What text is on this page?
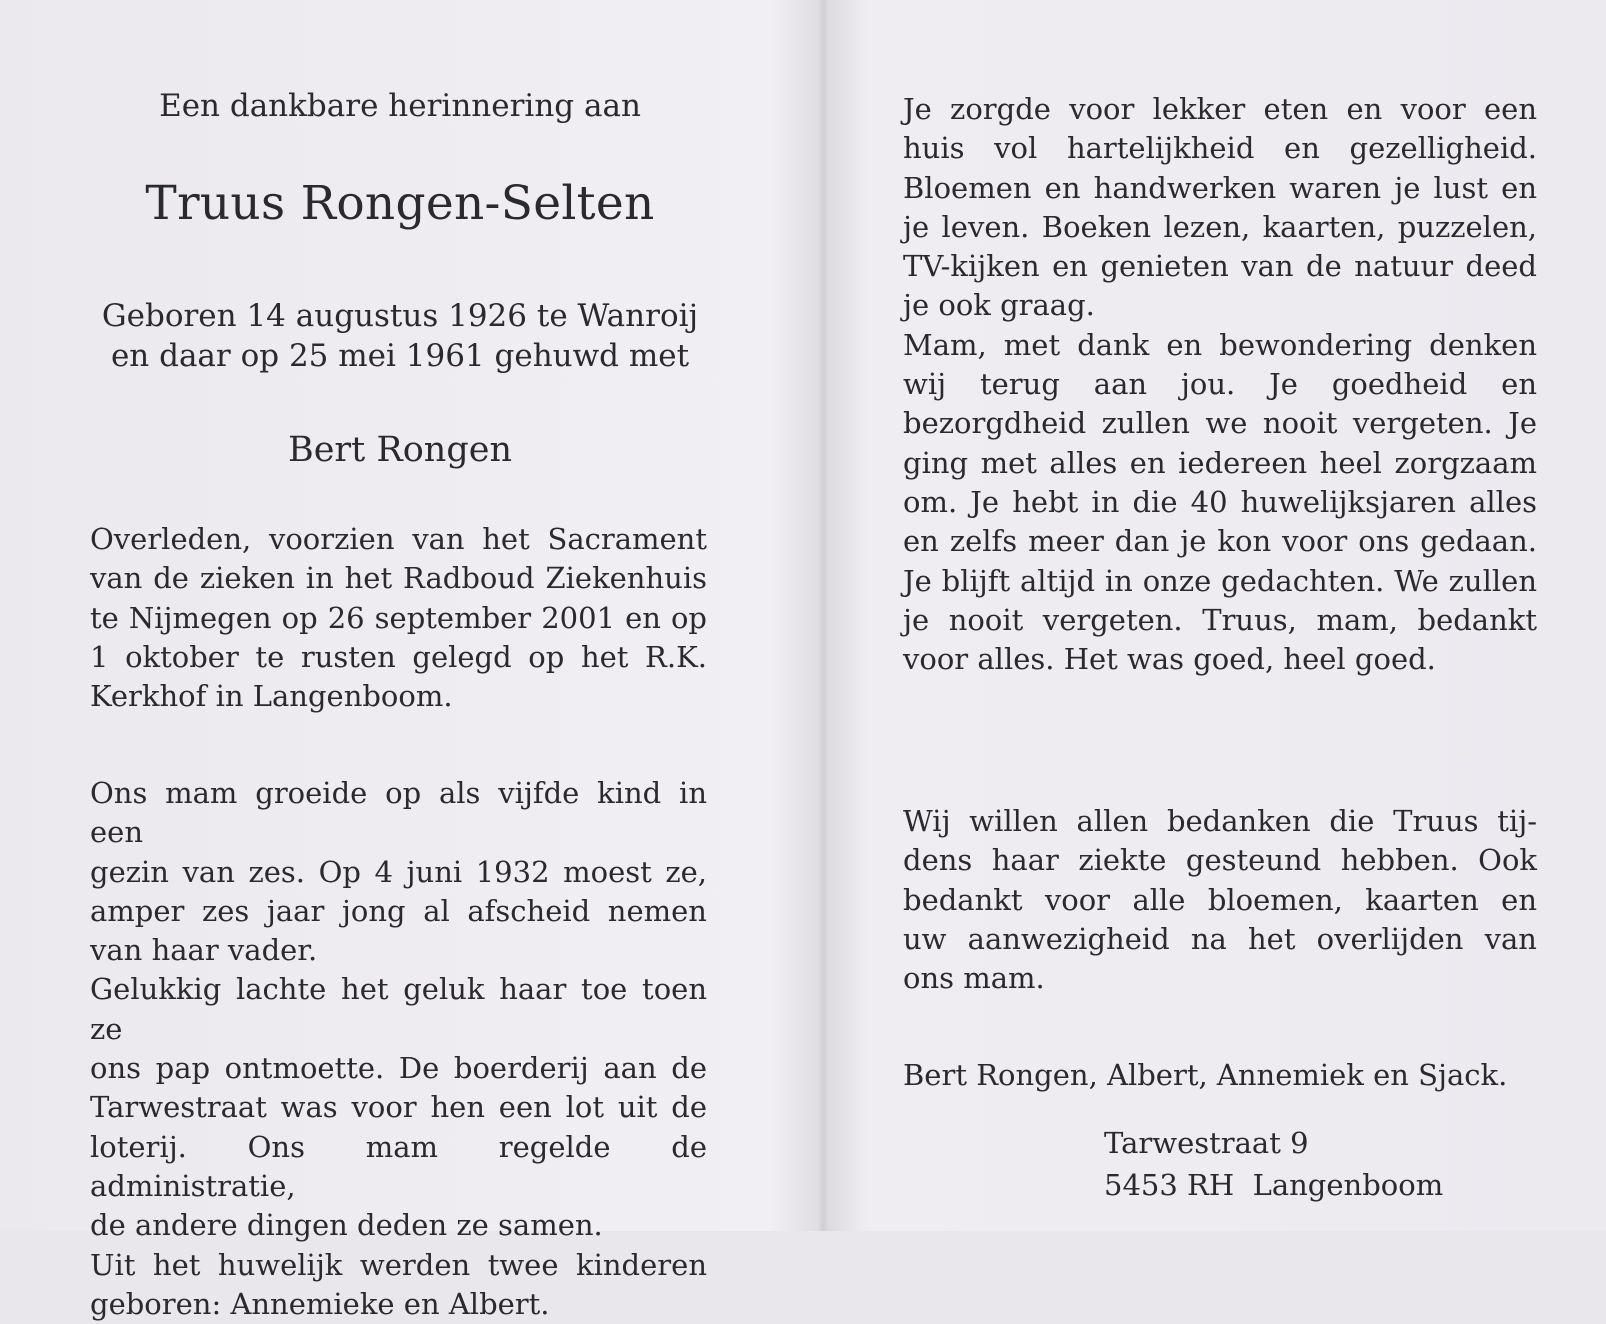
Een dankbare herinnering aan
Truus Rongen-Selten
Geboren 14 augustus 1926 te Wanroij
en daar op 25 mei 1961 gehuwd met
Bert Rongen
Overleden, voorzien van het Sacrament
van de zieken in het Radboud Ziekenhuis
te Nijmegen op 26 september 2001 en op
1 oktober te rusten gelegd op het R.K.
Kerkhof in Langenboom.
Ons mam groeide op als vijfde kind in een
gezin van zes. Op 4 juni 1932 moest ze,
amper zes jaar jong al afscheid nemen
van haar vader.
Gelukkig lachte het geluk haar toe toen ze
ons pap ontmoette. De boerderij aan de
Tarwestraat was voor hen een lot uit de
loterij. Ons mam regelde de administratie,
de andere dingen deden ze samen.
Uit het huwelijk werden twee kinderen
geboren: Annemieke en Albert.
Je zorgde voor lekker eten en voor een
huis vol hartelijkheid en gezelligheid.
Bloemen en handwerken waren je lust en
je leven. Boeken lezen, kaarten, puzzelen,
TV-kijken en genieten van de natuur deed
je ook graag.
Mam, met dank en bewondering denken
wij terug aan jou. Je goedheid en
bezorgdheid zullen we nooit vergeten. Je
ging met alles en iedereen heel zorgzaam
om. Je hebt in die 40 huwelijksjaren alles
en zelfs meer dan je kon voor ons gedaan.
Je blijft altijd in onze gedachten. We zullen
je nooit vergeten. Truus, mam, bedankt
voor alles. Het was goed, heel goed.
Wij willen allen bedanken die Truus tij-
dens haar ziekte gesteund hebben. Ook
bedankt voor alle bloemen, kaarten en
uw aanwezigheid na het overlijden van
ons mam.
Bert Rongen, Albert, Annemiek en Sjack.
Tarwestraat 9
5453 RH  Langenboom
